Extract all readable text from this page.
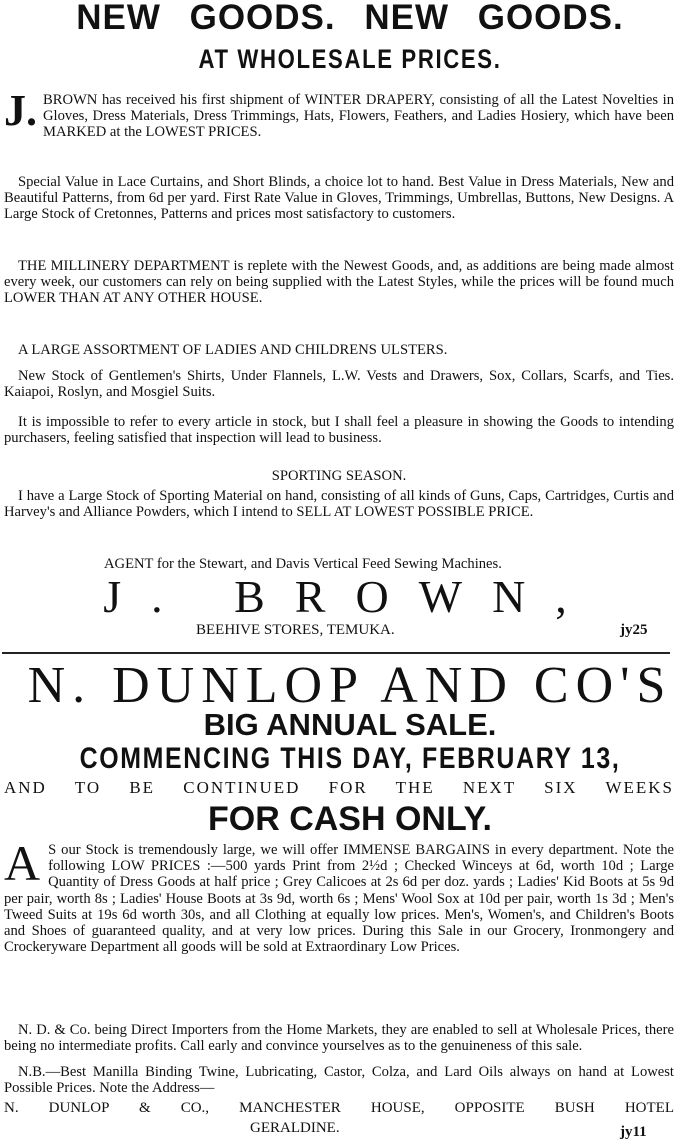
NEW GOODS. NEW GOODS.
AT WHOLESALE PRICES.
J. BROWN has received his first shipment of WINTER DRAPERY, consisting of all the Latest Novelties in Gloves, Dress Materials, Dress Trimmings, Hats, Flowers, Feathers, and Ladies Hosiery, which have been MARKED at the LOWEST PRICES.
Special Value in Lace Curtains, and Short Blinds, a choice lot to hand. Best Value in Dress Materials, New and Beautiful Patterns, from 6d per yard. First Rate Value in Gloves, Trimmings, Umbrellas, Buttons, New Designs. A Large Stock of Cretonnes, Patterns and prices most satisfactory to customers.
THE MILLINERY DEPARTMENT is replete with the Newest Goods, and, as additions are being made almost every week, our customers can rely on being supplied with the Latest Styles, while the prices will be found much LOWER THAN AT ANY OTHER HOUSE.
A LARGE ASSORTMENT OF LADIES AND CHILDRENS ULSTERS.
New Stock of Gentlemen's Shirts, Under Flannels, L.W. Vests and Drawers, Sox, Collars, Scarfs, and Ties. Kaiapoi, Roslyn, and Mosgiel Suits.
It is impossible to refer to every article in stock, but I shall feel a pleasure in showing the Goods to intending purchasers, feeling satisfied that inspection will lead to business.
SPORTING SEASON.
I have a Large Stock of Sporting Material on hand, consisting of all kinds of Guns, Caps, Cartridges, Curtis and Harvey's and Alliance Powders, which I intend to SELL AT LOWEST POSSIBLE PRICE.
AGENT for the Stewart, and Davis Vertical Feed Sewing Machines.
J. BROWN,
BEEHIVE STORES, TEMUKA.	jy25
N. DUNLOP AND CO'S
BIG ANNUAL SALE.
COMMENCING THIS DAY, FEBRUARY 13,
AND TO BE CONTINUED FOR THE NEXT SIX WEEKS
FOR CASH ONLY.
A S our Stock is tremendously large, we will offer IMMENSE BARGAINS in every department. Note the following LOW PRICES :—500 yards Print from 2½d ; Checked Winceys at 6d, worth 10d ; Large Quantity of Dress Goods at half price ; Grey Calicoes at 2s 6d per doz. yards ; Ladies' Kid Boots at 5s 9d per pair, worth 8s ; Ladies' House Boots at 3s 9d, worth 6s ; Mens' Wool Sox at 10d per pair, worth 1s 3d ; Men's Tweed Suits at 19s 6d worth 30s, and all Clothing at equally low prices. Men's, Women's, and Children's Boots and Shoes of guaranteed quality, and at very low prices. During this Sale in our Grocery, Ironmongery and Crockeryware Department all goods will be sold at Extraordinary Low Prices.
N. D. & Co. being Direct Importers from the Home Markets, they are enabled to sell at Wholesale Prices, there being no intermediate profits. Call early and convince yourselves as to the genuineness of this sale.
N.B.—Best Manilla Binding Twine, Lubricating, Castor, Colza, and Lard Oils always on hand at Lowest Possible Prices. Note the Address—
N. DUNLOP & CO., MANCHESTER HOUSE, OPPOSITE BUSH HOTEL
GERALDINE.	jy11
